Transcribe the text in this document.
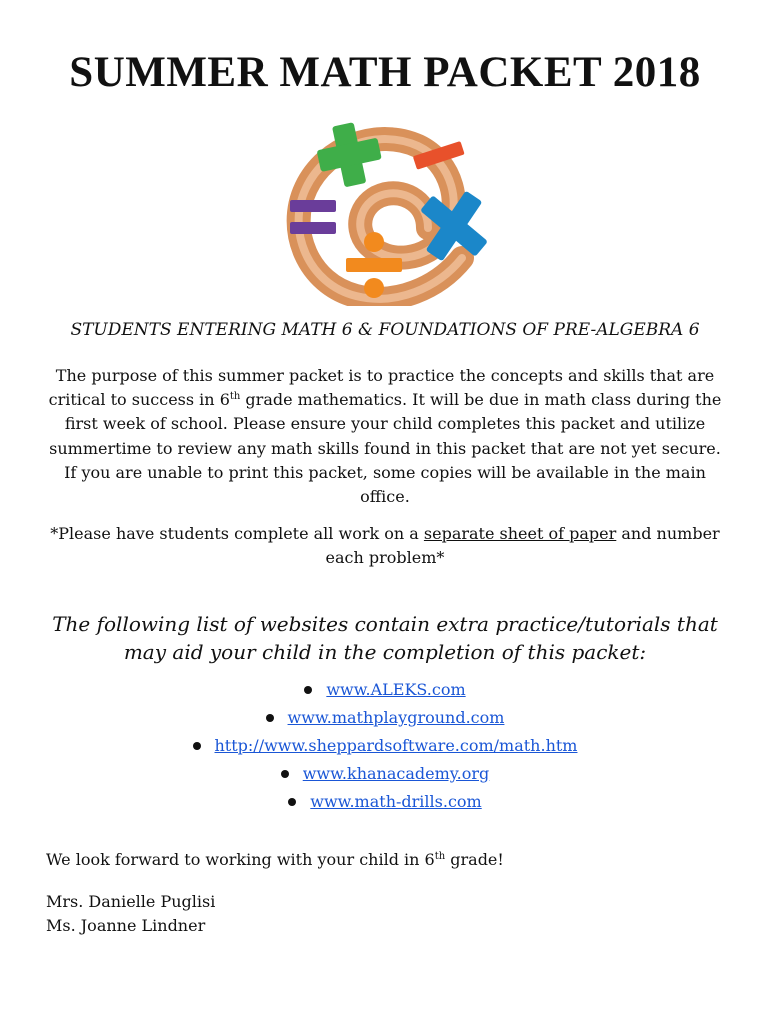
SUMMER MATH PACKET 2018

STUDENTS ENTERING MATH 6 & FOUNDATIONS OF PRE-ALGEBRA 6

The purpose of this summer packet is to practice the concepts and skills that are critical to success in 6th grade mathematics. It will be due in math class during the first week of school. Please ensure your child completes this packet and utilize summertime to review any math skills found in this packet that are not yet secure. If you are unable to print this packet, some copies will be available in the main office.

*Please have students complete all work on a separate sheet of paper and number each problem*

The following list of websites contain extra practice/tutorials that may aid your child in the completion of this packet:

www.ALEKS.com
www.mathplayground.com
http://www.sheppardsoftware.com/math.htm
www.khanacademy.org
www.math-drills.com

We look forward to working with your child in 6th grade!

Mrs. Danielle Puglisi
Ms. Joanne Lindner
